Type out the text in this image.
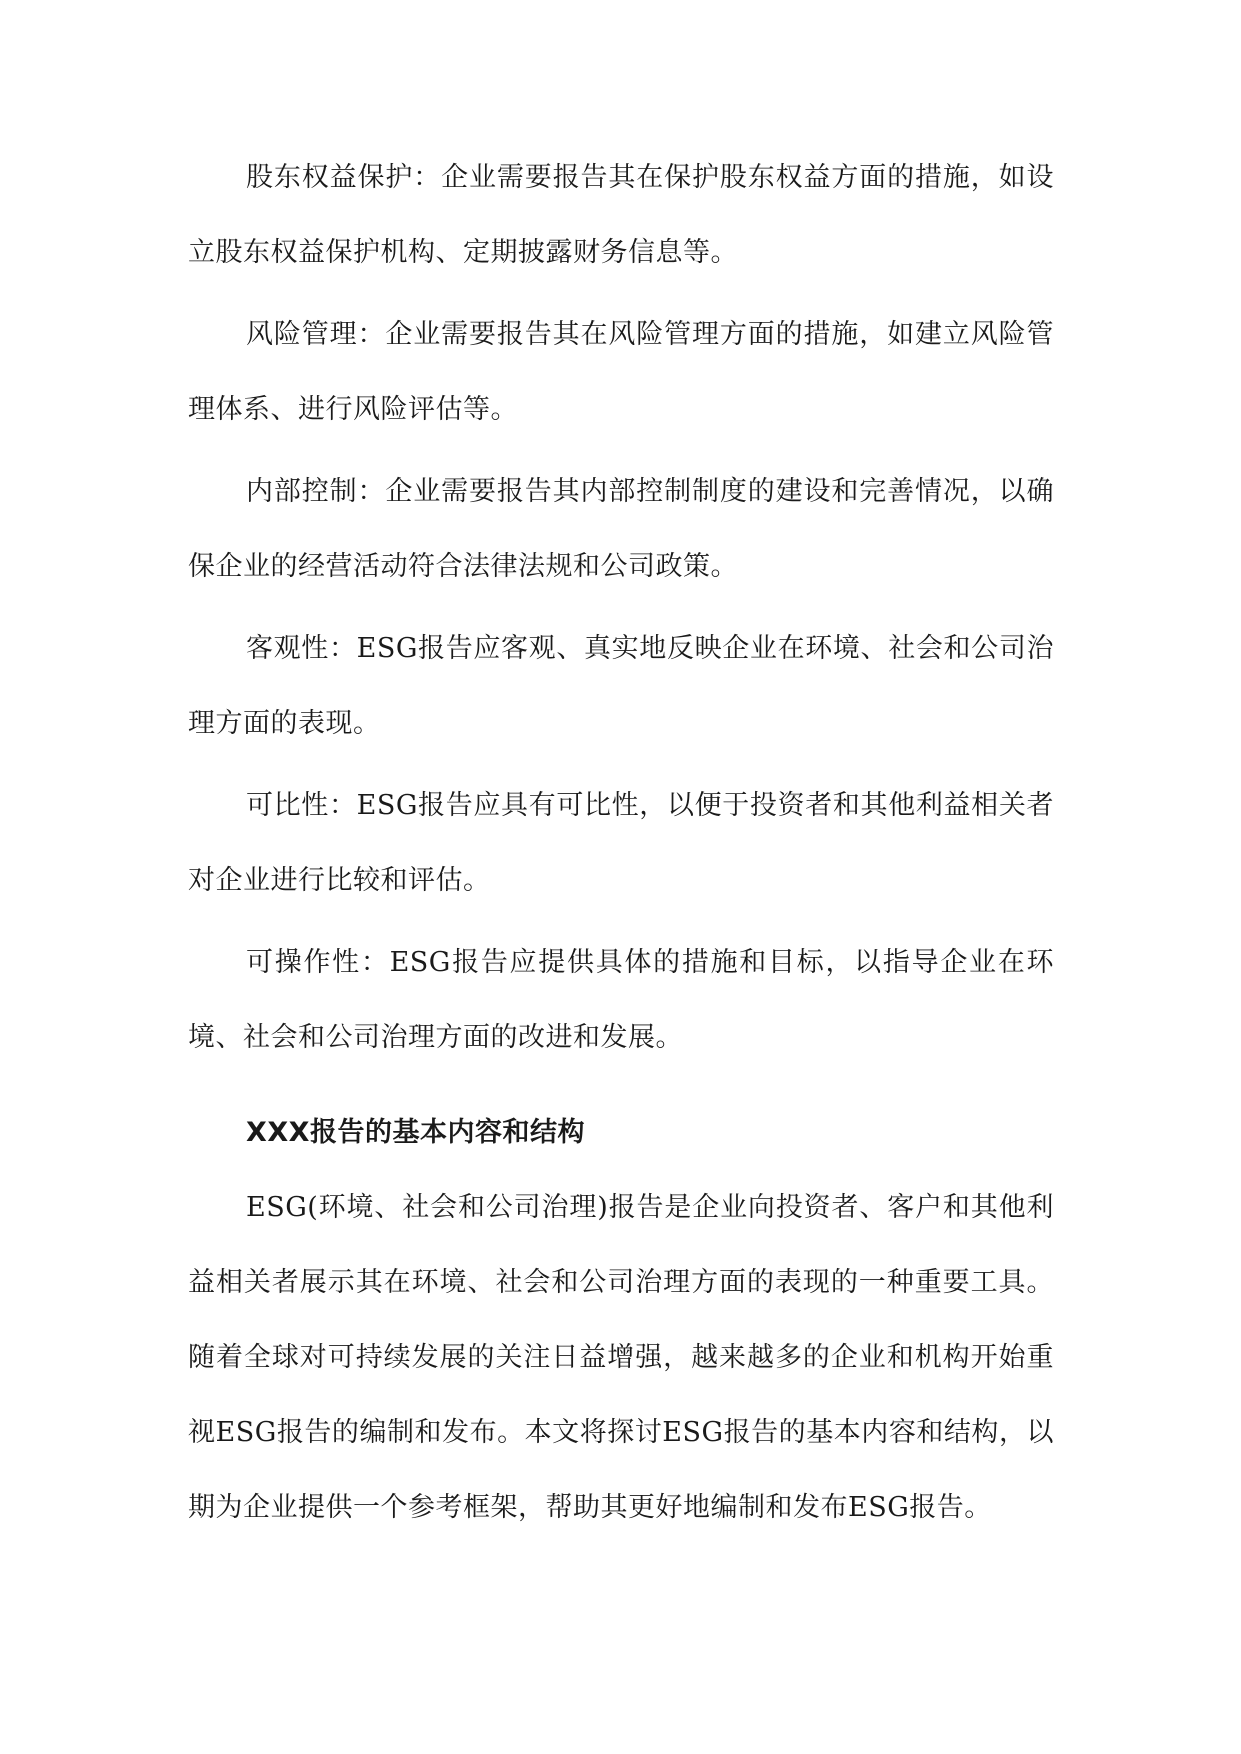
股东权益保护：企业需要报告其在保护股东权益方面的措施，如设立股东权益保护机构、定期披露财务信息等。

风险管理：企业需要报告其在风险管理方面的措施，如建立风险管理体系、进行风险评估等。

内部控制：企业需要报告其内部控制制度的建设和完善情况，以确保企业的经营活动符合法律法规和公司政策。

客观性：ESG报告应客观、真实地反映企业在环境、社会和公司治理方面的表现。

可比性：ESG报告应具有可比性，以便于投资者和其他利益相关者对企业进行比较和评估。

可操作性：ESG报告应提供具体的措施和目标，以指导企业在环境、社会和公司治理方面的改进和发展。

XXX报告的基本内容和结构

ESG(环境、社会和公司治理)报告是企业向投资者、客户和其他利益相关者展示其在环境、社会和公司治理方面的表现的一种重要工具。随着全球对可持续发展的关注日益增强，越来越多的企业和机构开始重视ESG报告的编制和发布。本文将探讨ESG报告的基本内容和结构，以期为企业提供一个参考框架，帮助其更好地编制和发布ESG报告。
